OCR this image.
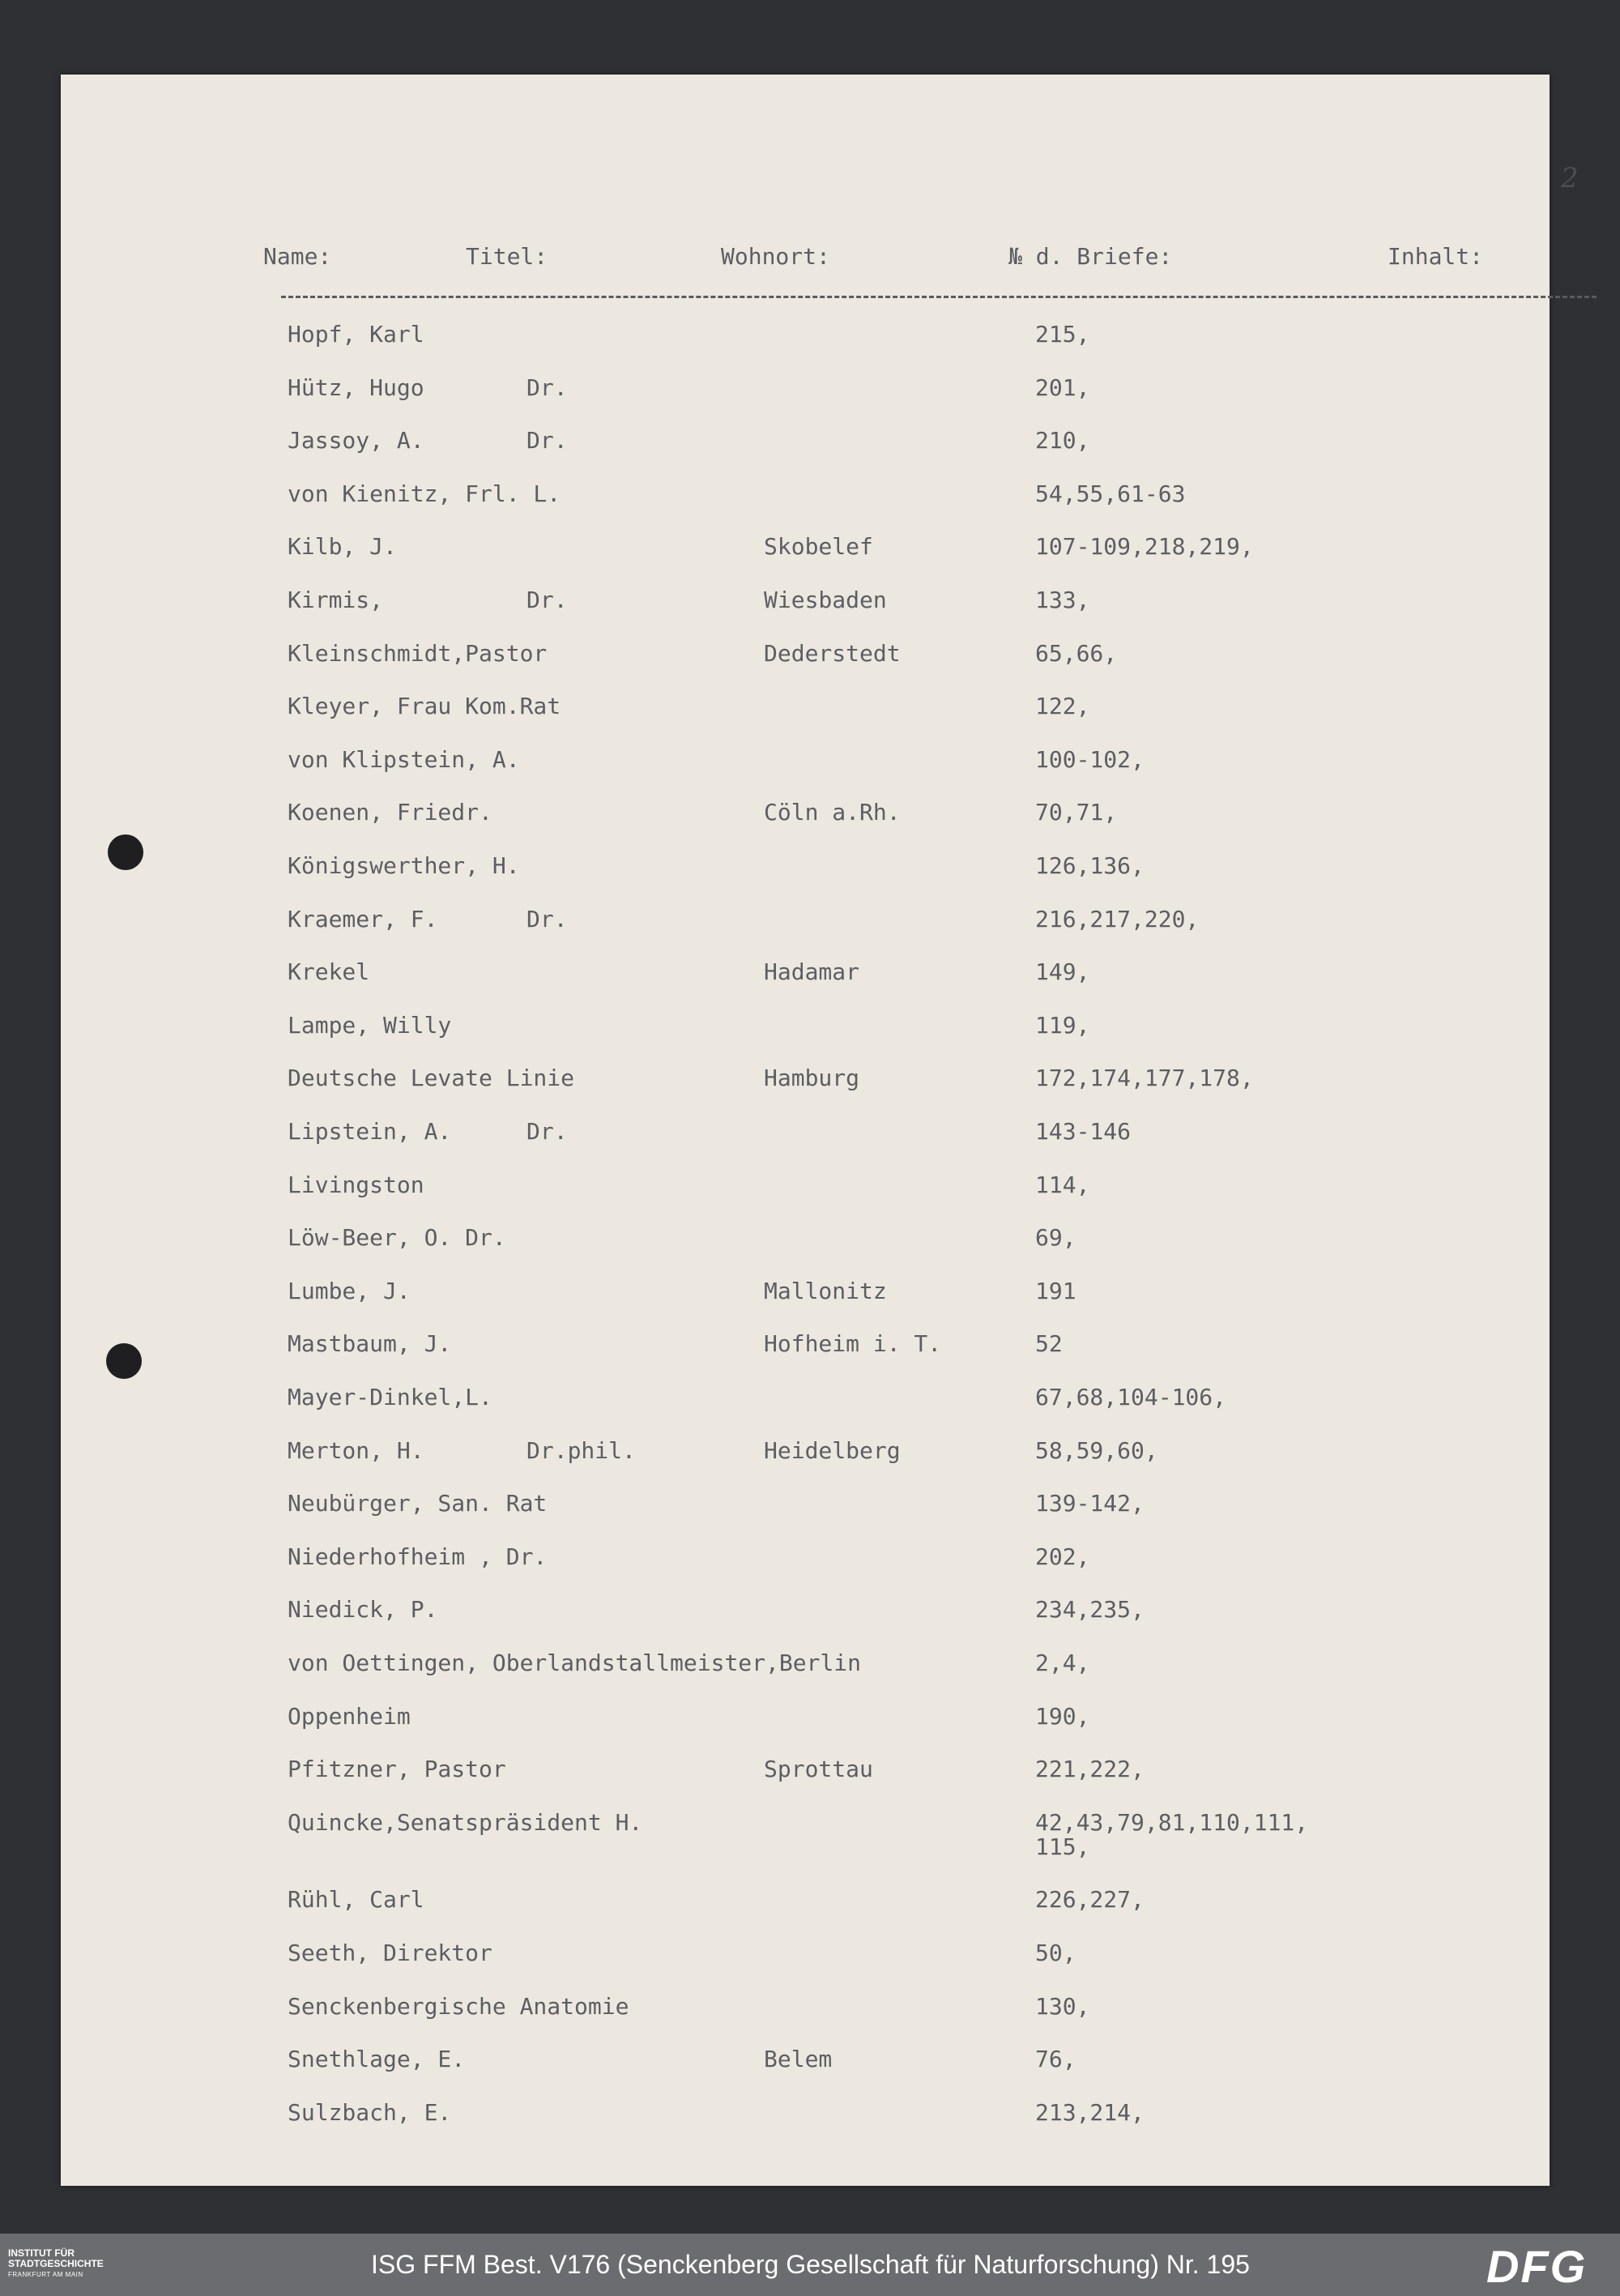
2
Name:	Titel:	Wohnort:	№ d. Briefe:	Inhalt:
Hopf, Karl	215,
Hütz, Hugo	Dr.	201,
Jassoy, A.	Dr.	210,
von Kienitz, Frl. L.	54,55,61-63
Kilb, J.	Skobelef	107-109,218,219,
Kirmis,	Dr.	Wiesbaden	133,
Kleinschmidt,Pastor	Dederstedt	65,66,
Kleyer, Frau Kom.Rat	122,
von Klipstein, A.	100-102,
Koenen, Friedr.	Cöln a.Rh.	70,71,
Königswerther, H.	126,136,
Kraemer, F.	Dr.	216,217,220,
Krekel	Hadamar	149,
Lampe, Willy	119,
Deutsche Levate Linie	Hamburg	172,174,177,178,
Lipstein, A.	Dr.	143-146
Livingston	114,
Löw-Beer, O. Dr.	69,
Lumbe, J.	Mallonitz	191
Mastbaum, J.	Hofheim i. T.	52
Mayer-Dinkel,L.	67,68,104-106,
Merton, H.	Dr.phil.	Heidelberg	58,59,60,
Neubürger, San. Rat	139-142,
Niederhofheim , Dr.	202,
Niedick, P.	234,235,
von Oettingen, Oberlandstallmeister,Berlin	2,4,
Oppenheim	190,
Pfitzner, Pastor	Sprottau	221,222,
Quincke,Senatspräsident H.	42,43,79,81,110,111,
115,
Rühl, Carl	226,227,
Seeth, Direktor	50,
Senckenbergische Anatomie	130,
Snethlage, E.	Belem	76,
Sulzbach, E.	213,214,
INSTITUT FÜR
STADTGESCHICHTE
FRANKFURT AM MAIN	ISG FFM Best. V176 (Senckenberg Gesellschaft für Naturforschung) Nr. 195	DFG
